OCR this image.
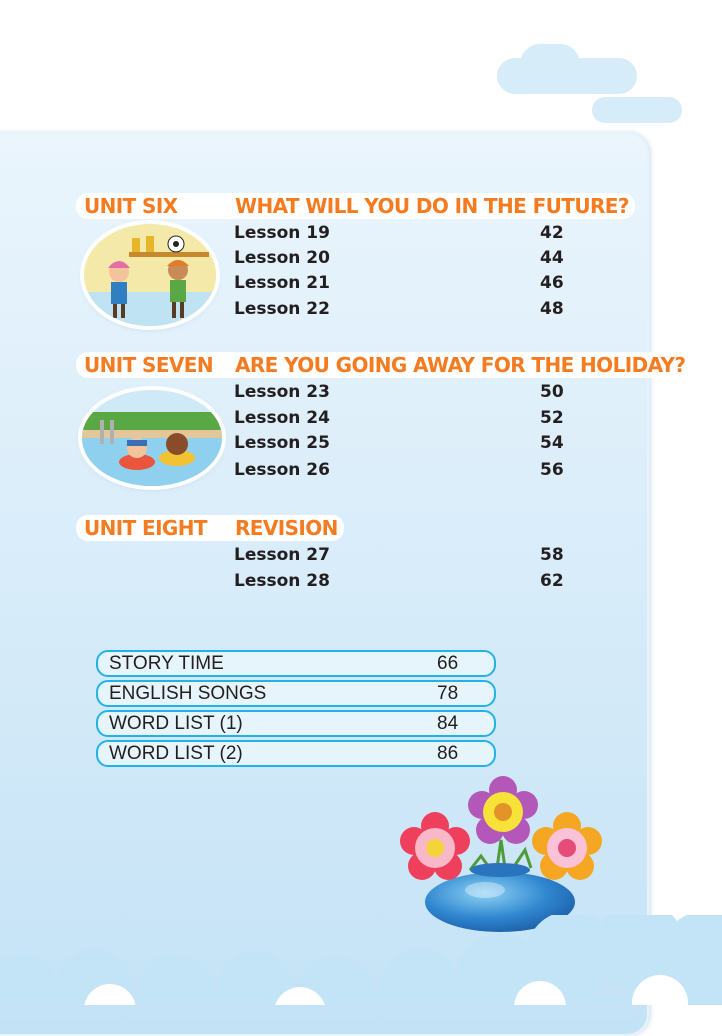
UNIT SIX	WHAT WILL YOU DO IN THE FUTURE?
Lesson 19	42
Lesson 20	44
Lesson 21	46
Lesson 22	48
UNIT SEVEN	ARE YOU GOING AWAY FOR THE HOLIDAY?
Lesson 23	50
Lesson 24	52
Lesson 25	54
Lesson 26	56
UNIT EIGHT	REVISION
Lesson 27	58
Lesson 28	62
STORY TIME	66
ENGLISH SONGS	78
WORD LIST (1)	84
WORD LIST (2)	86
